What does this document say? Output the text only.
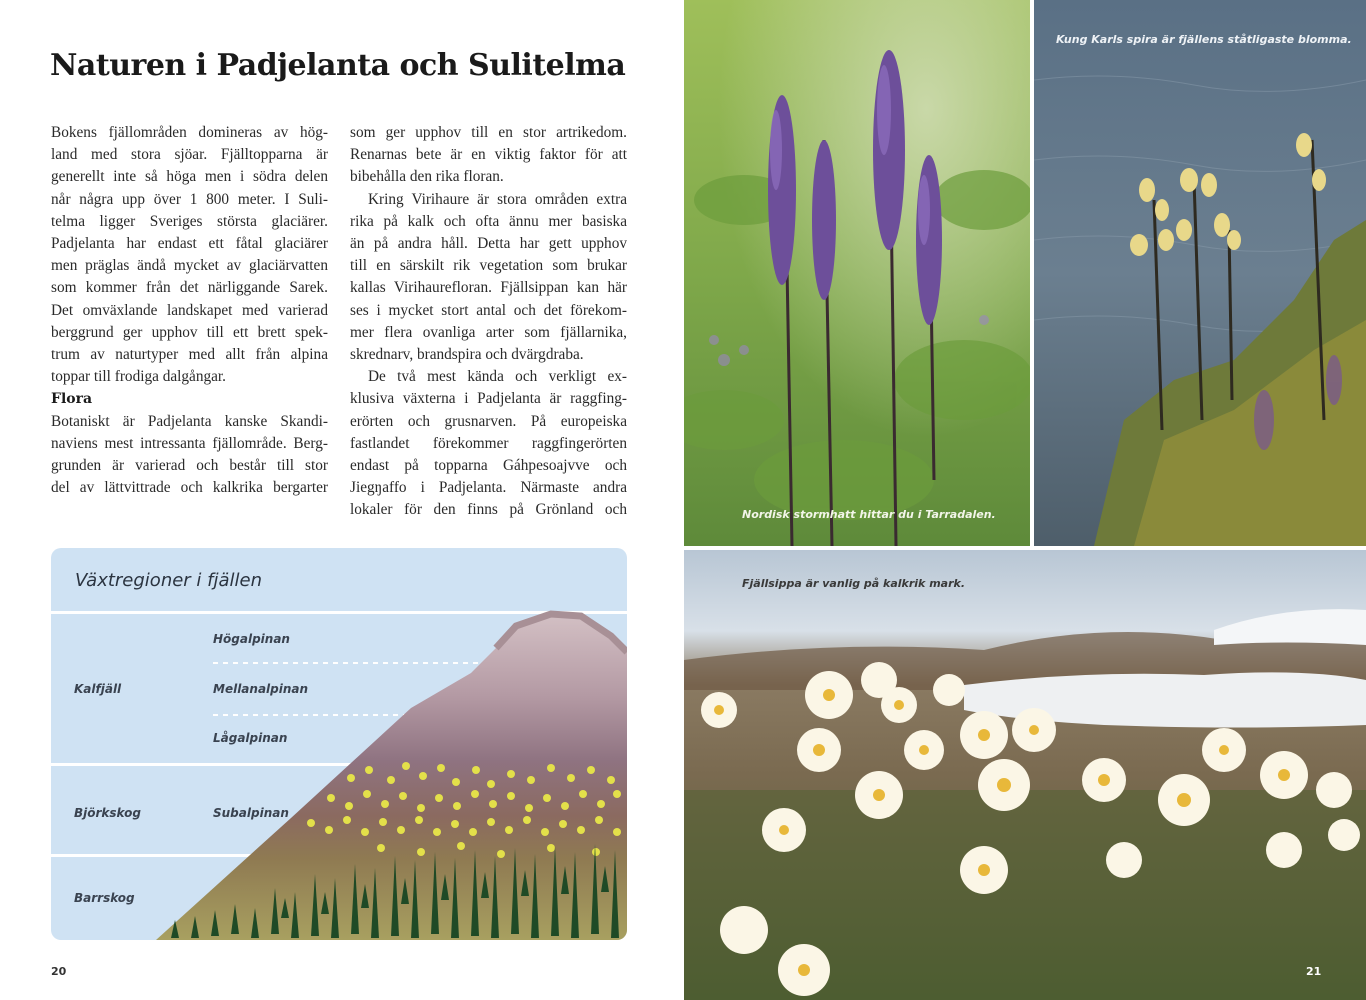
Naturen i Padjelanta och Sulitelma

Bokens fjällområden domineras av hög-
land med stora sjöar. Fjälltopparna är
generellt inte så höga men i södra delen
når några upp över 1 800 meter. I Suli-
telma ligger Sveriges största glaciärer.
Padjelanta har endast ett fåtal glaciärer
men präglas ändå mycket av glaciärvatten
som kommer från det närliggande Sarek.
Det omväxlande landskapet med varierad
berggrund ger upphov till ett brett spek-
trum av naturtyper med allt från alpina
toppar till frodiga dalgångar.

Flora

Botaniskt är Padjelanta kanske Skandi-
naviens mest intressanta fjällområde. Berg-
grunden är varierad och består till stor
del av lättvittrade och kalkrika bergarter

som ger upphov till en stor artrikedom.
Renarnas bete är en viktig faktor för att
bibehålla den rika floran.

Kring Virihaure är stora områden extra
rika på kalk och ofta ännu mer basiska
än på andra håll. Detta har gett upphov
till en särskilt rik vegetation som brukar
kallas Virihaurefloran. Fjällsippan kan här
ses i mycket stort antal och det förekom-
mer flera ovanliga arter som fjällarnika,
skrednarv, brandspira och dvärgdraba.

De två mest kända och verkligt ex-
klusiva växterna i Padjelanta är raggfing-
erörten och grusnarven. På europeiska
fastlandet förekommer raggfingerörten
endast på topparna Gáhpesoajvve och
Jiegŋaffo i Padjelanta. Närmaste andra
lokaler för den finns på Grönland och

Växtregioner i fjällen
Kalfjäll
Högalpinan
Mellanalpinan
Lågalpinan
Björkskog	Subalpinan
Barrskog
20
Nordisk stormhatt hittar du i Tarradalen.
Kung Karls spira är fjällens ståtligaste blomma.
Fjällsippa är vanlig på kalkrik mark.
21
